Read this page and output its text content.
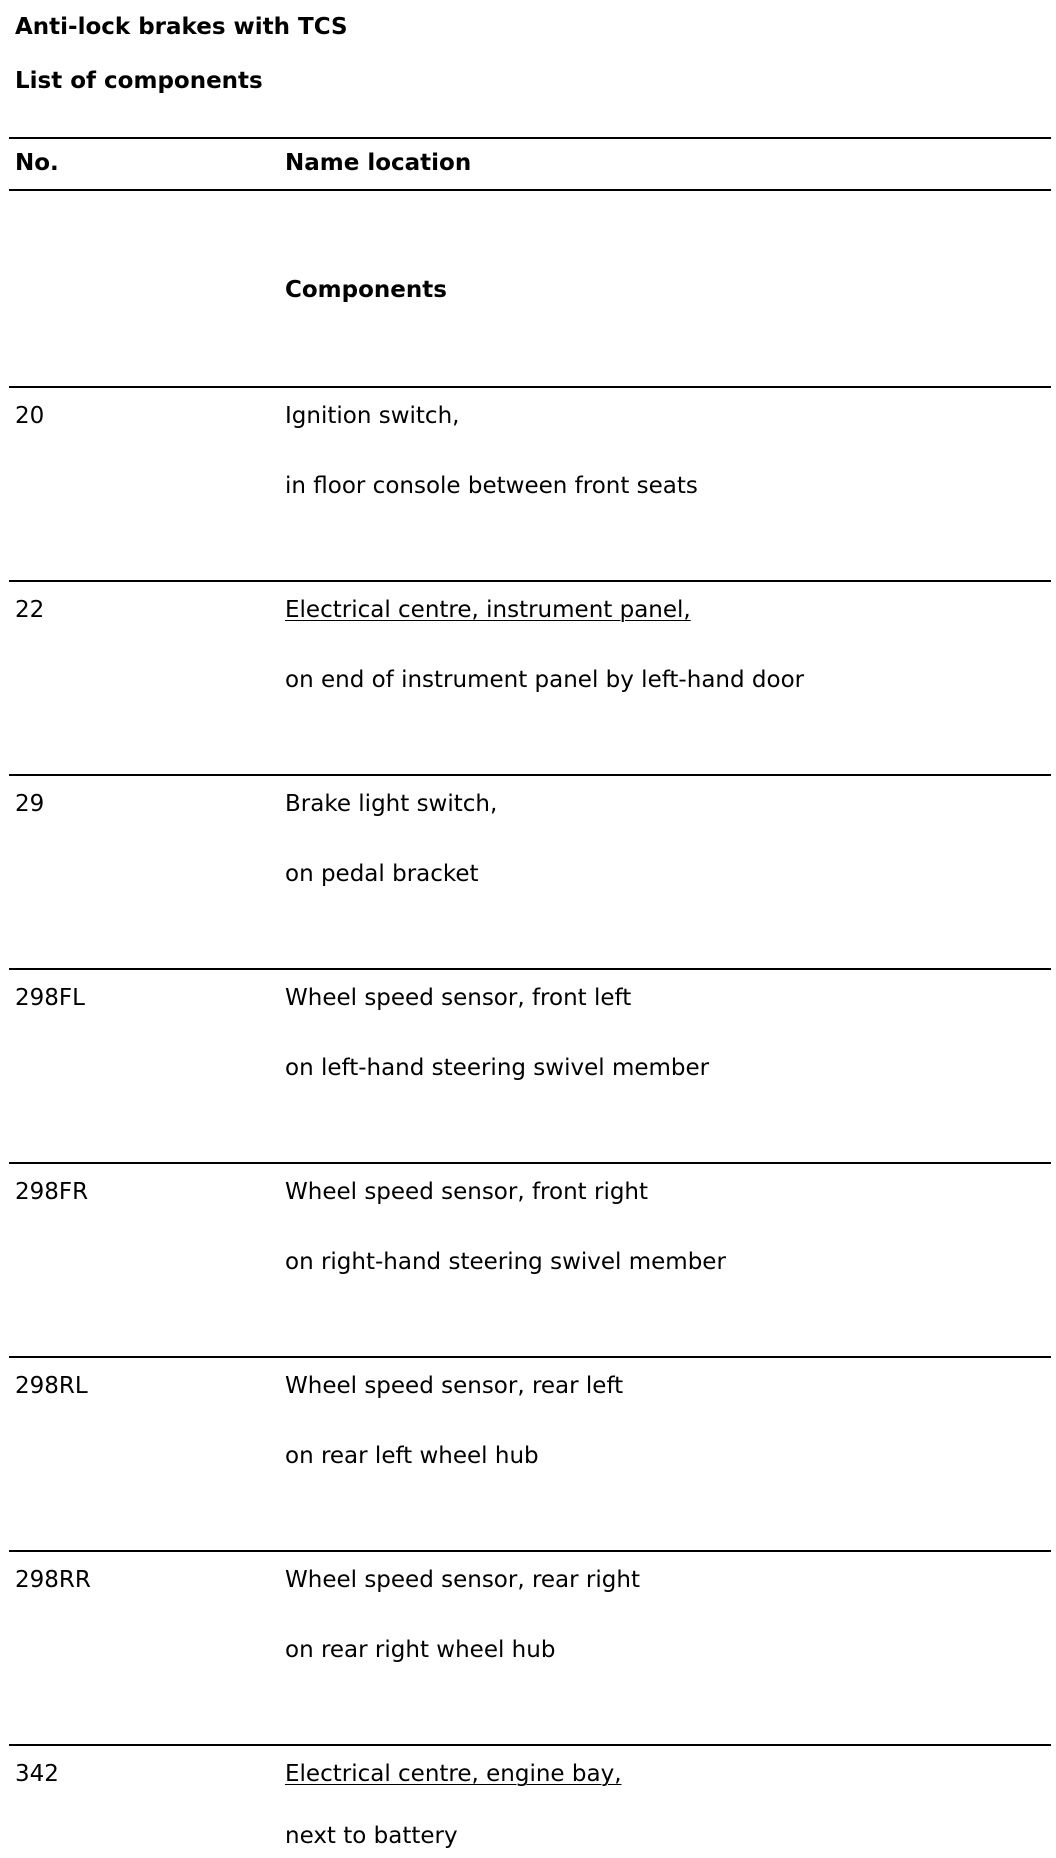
Anti-lock brakes with TCS
List of components
No.	Name location
Components
20	Ignition switch,
in floor console between front seats
22	Electrical centre, instrument panel,
on end of instrument panel by left-hand door
29	Brake light switch,
on pedal bracket
298FL	Wheel speed sensor, front left
on left-hand steering swivel member
298FR	Wheel speed sensor, front right
on right-hand steering swivel member
298RL	Wheel speed sensor, rear left
on rear left wheel hub
298RR	Wheel speed sensor, rear right
on rear right wheel hub
342	Electrical centre, engine bay,
next to battery
